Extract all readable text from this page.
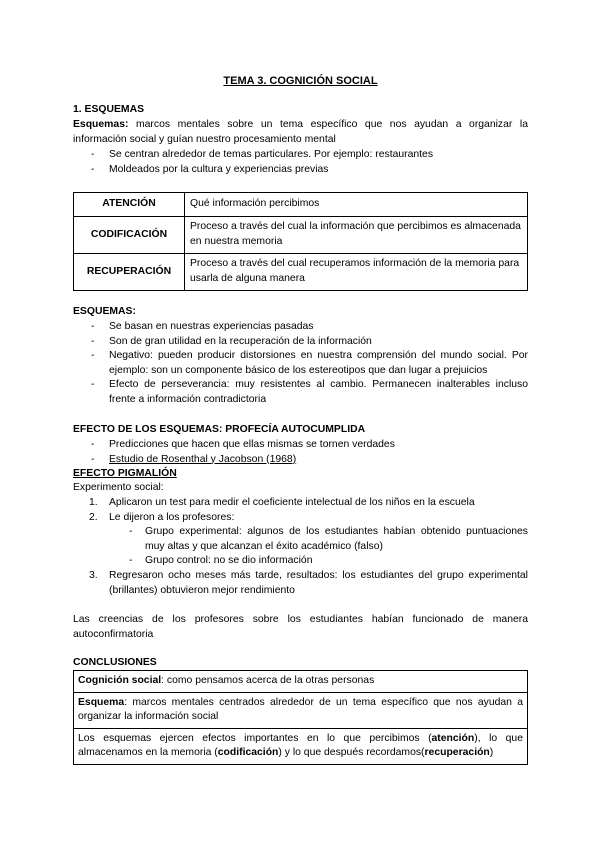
TEMA 3. COGNICIÓN SOCIAL
1. ESQUEMAS
Esquemas: marcos mentales sobre un tema específico que nos ayudan a organizar la información social y guían nuestro procesamiento mental
- Se centran alrededor de temas particulares. Por ejemplo: restaurantes
- Moldeados por la cultura y experiencias previas
ATENCIÓN	Qué información percibimos
CODIFICACIÓN	Proceso a través del cual la información que percibimos es almacenada en nuestra memoria
RECUPERACIÓN	Proceso a través del cual recuperamos información de la memoria para usarla de alguna manera
ESQUEMAS:
- Se basan en nuestras experiencias pasadas
- Son de gran utilidad en la recuperación de la información
- Negativo: pueden producir distorsiones en nuestra comprensión del mundo social. Por ejemplo: son un componente básico de los estereotipos que dan lugar a prejuicios
- Efecto de perseverancia: muy resistentes al cambio. Permanecen inalterables incluso frente a información contradictoria
EFECTO DE LOS ESQUEMAS: PROFECÍA AUTOCUMPLIDA
- Predicciones que hacen que ellas mismas se tornen verdades
- Estudio de Rosenthal y Jacobson (1968)
EFECTO PIGMALIÓN
Experimento social:
1. Aplicaron un test para medir el coeficiente intelectual de los niños en la escuela
2. Le dijeron a los profesores:
- Grupo experimental: algunos de los estudiantes habían obtenido puntuaciones muy altas y que alcanzan el éxito académico (falso)
- Grupo control: no se dio información
3. Regresaron ocho meses más tarde, resultados: los estudiantes del grupo experimental (brillantes) obtuvieron mejor rendimiento
Las creencias de los profesores sobre los estudiantes habían funcionado de manera autoconfirmatoria
CONCLUSIONES
Cognición social: como pensamos acerca de la otras personas
Esquema: marcos mentales centrados alrededor de un tema específico que nos ayudan a organizar la información social
Los esquemas ejercen efectos importantes en lo que percibimos (atención), lo que almacenamos en la memoria (codificación) y lo que después recordamos(recuperación)
